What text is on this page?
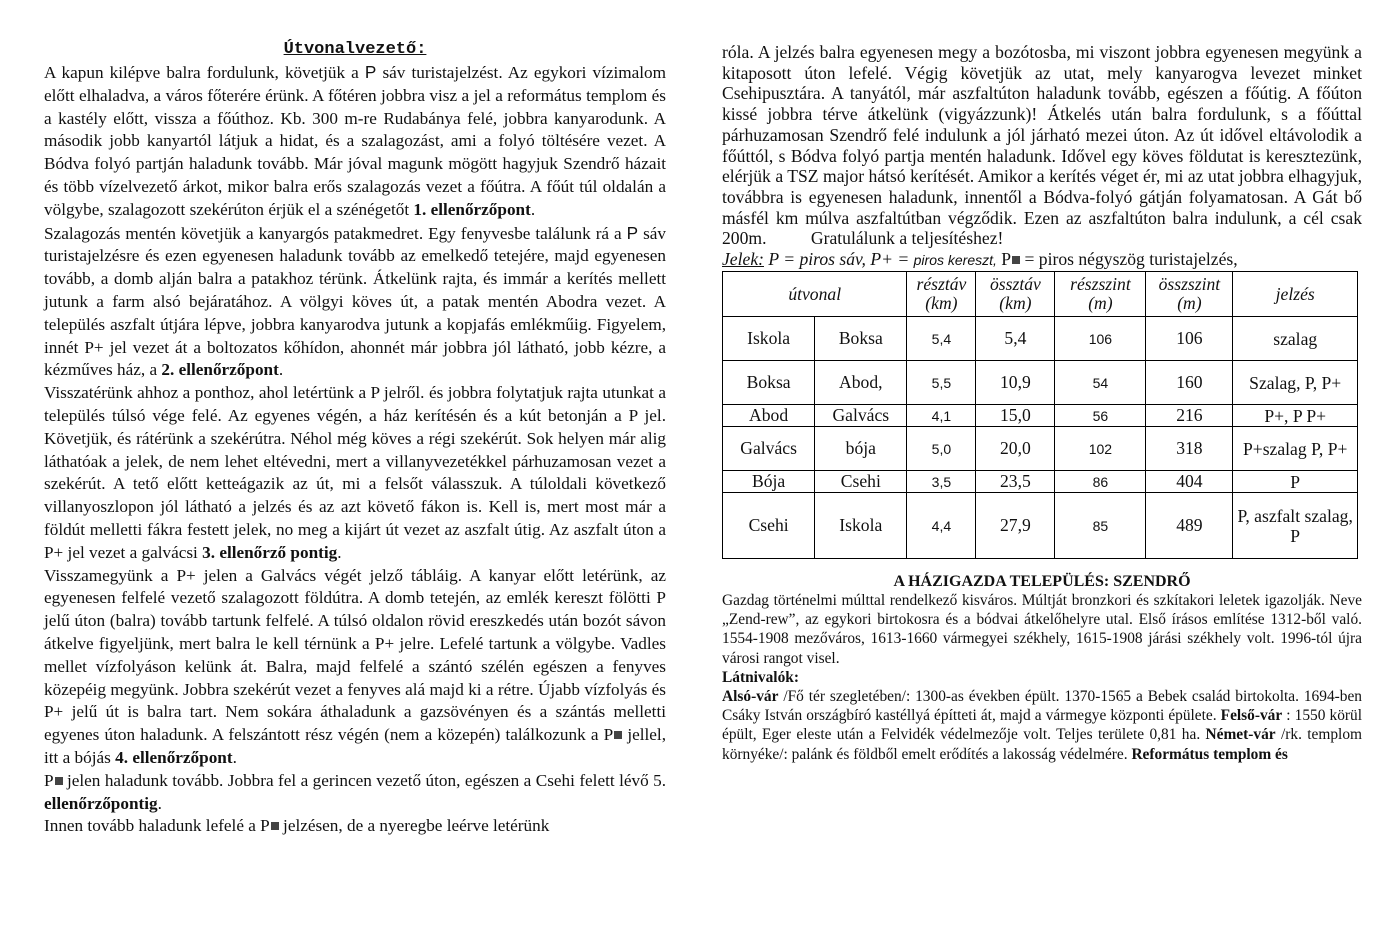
Útvonalvezető:

A kapun kilépve balra fordulunk, követjük a P sáv turistajelzést. Az egykori vízimalom előtt elhaladva, a város főterére érünk. A főtéren jobbra visz a jel a református templom és a kastély előtt, vissza a főúthoz. Kb. 300 m-re Rudabánya felé, jobbra kanyarodunk. A második jobb kanyartól látjuk a hidat, és a szalagozást, ami a folyó töltésére vezet. A Bódva folyó partján haladunk tovább. Már jóval magunk mögött hagyjuk Szendrő házait és több vízelvezető árkot, mikor balra erős szalagozás vezet a főútra. A főút túl oldalán a völgybe, szalagozott szekérúton érjük el a szénégetőt 1. ellenőrzőpont.

Szalagozás mentén követjük a kanyargós patakmedret. Egy fenyvesbe találunk rá a P sáv turistajelzésre és ezen egyenesen haladunk tovább az emelkedő tetejére, majd egyenesen tovább, a domb alján balra a patakhoz térünk. Átkelünk rajta, és immár a kerítés mellett jutunk a farm alsó bejáratához. A völgyi köves út, a patak mentén Abodra vezet. A település aszfalt útjára lépve, jobbra kanyarodva jutunk a kopjafás emlékműig. Figyelem, innét P+ jel vezet át a boltozatos kőhídon, ahonnét már jobbra jól látható, jobb kézre, a kézműves ház, a 2. ellenőrzőpont.

Visszatérünk ahhoz a ponthoz, ahol letértünk a P jelről. és jobbra folytatjuk rajta utunkat a település túlsó vége felé. Az egyenes végén, a ház kerítésén és a kút betonján a P jel. Követjük, és rátérünk a szekérútra. Néhol még köves a régi szekérút. Sok helyen már alig láthatóak a jelek, de nem lehet eltévedni, mert a villanyvezetékkel párhuzamosan vezet a szekérút. A tető előtt ketteágazik az út, mi a felsőt válasszuk. A túloldali következő villanyoszlopon jól látható a jelzés és az azt követő fákon is. Kell is, mert most már a földút melletti fákra festett jelek, no meg a kijárt út vezet az aszfalt útig. Az aszfalt úton a P+ jel vezet a galvácsi 3. ellenőrző pontig.

Visszamegyünk a P+ jelen a Galvács végét jelző tábláig. A kanyar előtt letérünk, az egyenesen felfelé vezető szalagozott földútra. A domb tetején, az emlék kereszt fölötti P jelű úton (balra) tovább tartunk felfelé. A túlsó oldalon rövid ereszkedés után bozót sávon átkelve figyeljünk, mert balra le kell térnünk a P+ jelre. Lefelé tartunk a völgybe. Vadles mellet vízfolyáson kelünk át. Balra, majd felfelé a szántó szélén egészen a fenyves közepéig megyünk. Jobbra szekérút vezet a fenyves alá majd ki a rétre. Újabb vízfolyás és P+ jelű út is balra tart. Nem sokára áthaladunk a gazsövényen és a szántás melletti egyenes úton haladunk. A felszántott rész végén (nem a közepén) találkozunk a P jellel, itt a bójás 4. ellenőrzőpont.

P jelen haladunk tovább. Jobbra fel a gerincen vezető úton, egészen a Csehi felett lévő 5. ellenőrzőpontig.

Innen tovább haladunk lefelé a P jelzésen, de a nyeregbe leérve letérünk

róla. A jelzés balra egyenesen megy a bozótosba, mi viszont jobbra egyenesen megyünk a kitaposott úton lefelé. Végig követjük az utat, mely kanyarogva levezet minket Csehipusztára. A tanyától, már aszfaltúton haladunk tovább, egészen a főútig. A főúton kissé jobbra térve átkelünk (vigyázzunk)! Átkelés után balra fordulunk, s a főúttal párhuzamosan Szendrő felé indulunk a jól járható mezei úton. Az út idővel eltávolodik a főúttól, s Bódva folyó partja mentén haladunk. Idővel egy köves földutat is keresztezünk, elérjük a TSZ major hátsó kerítését. Amikor a kerítés véget ér, mi az utat jobbra elhagyjuk, továbbra is egyenesen haladunk, innentől a Bódva-folyó gátján folyamatosan. A Gát bő másfél km múlva aszfaltútban végződik. Ezen az aszfaltúton balra indulunk, a cél csak 200m.	Gratulálunk a teljesítéshez!

Jelek: P = piros sáv, P+ = piros kereszt, P = piros négyszög turistajelzés,
útvonal		résztáv (km)	össztáv (km)	részszint (m)	összszint (m)	jelzés
Iskola	Boksa	5,4	5,4	106	106	szalag
Boksa	Abod,	5,5	10,9	54	160	Szalag, P, P+
Abod	Galvács	4,1	15,0	56	216	P+, P P+
Galvács	bója	5,0	20,0	102	318	P+szalag P, P+
Bója	Csehi	3,5	23,5	86	404	P
Csehi	Iskola	4,4	27,9	85	489	P, aszfalt szalag, P
A HÁZIGAZDA TELEPÜLÉS: SZENDRŐ

Gazdag történelmi múlttal rendelkező kisváros. Múltját bronzkori és szkítakori leletek igazolják. Neve „Zend-rew”, az egykori birtokosra és a bódvai átkelőhelyre utal. Első írásos említése 1312-ből való. 1554-1908 mezőváros, 1613-1660 vármegyei székhely, 1615-1908 járási székhely volt. 1996-tól újra városi rangot visel.

Látnivalók:
Alsó-vár /Fő tér szegletében/: 1300-as években épült. 1370-1565 a Bebek család birtokolta. 1694-ben Csáky István országbíró kastéllyá építteti át, majd a vármegye központi épülete. Felső-vár : 1550 körül épült, Eger eleste után a Felvidék védelmezője volt. Teljes területe 0,81 ha. Német-vár /rk. templom környéke/: palánk és földből emelt erődítés a lakosság védelmére. Református templom és
